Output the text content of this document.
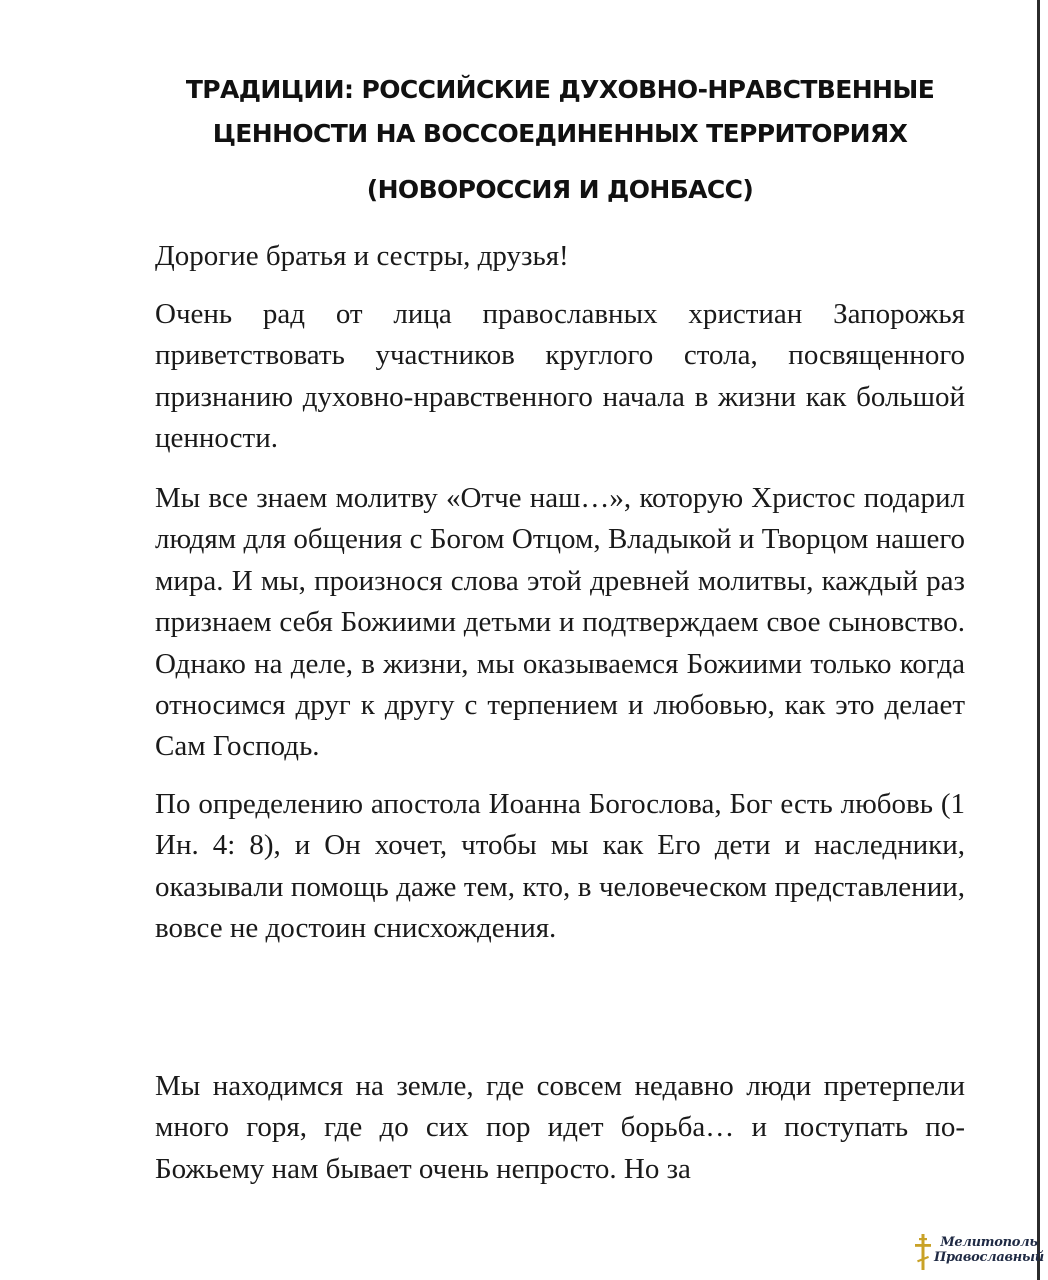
ТРАДИЦИИ: РОССИЙСКИЕ ДУХОВНО-НРАВСТВЕННЫЕ
ЦЕННОСТИ НА ВОССОЕДИНЕННЫХ ТЕРРИТОРИЯХ
(НОВОРОССИЯ И ДОНБАСС)

Дорогие братья и сестры, друзья!

Очень рад от лица православных христиан Запорожья приветствовать участников круглого стола, посвященного признанию духовно-нравственного начала в жизни как большой ценности.

Мы все знаем молитву «Отче наш…», которую Христос подарил людям для общения с Богом Отцом, Владыкой и Творцом нашего мира. И мы, произнося слова этой древней молитвы, каждый раз признаем себя Божиими детьми и подтверждаем свое сыновство. Однако на деле, в жизни, мы оказываемся Божиими только когда относимся друг к другу с терпением и любовью, как это делает Сам Господь.

По определению апостола Иоанна Богослова, Бог есть любовь (1 Ин. 4: 8), и Он хочет, чтобы мы как Его дети и наследники, оказывали помощь даже тем, кто, в человеческом представлении, вовсе не достоин снисхождения.

Мы находимся на земле, где совсем недавно люди претерпели много горя, где до сих пор идет борьба… и поступать по-Божьему нам бывает очень непросто. Но за

Мелитополь
Православный
